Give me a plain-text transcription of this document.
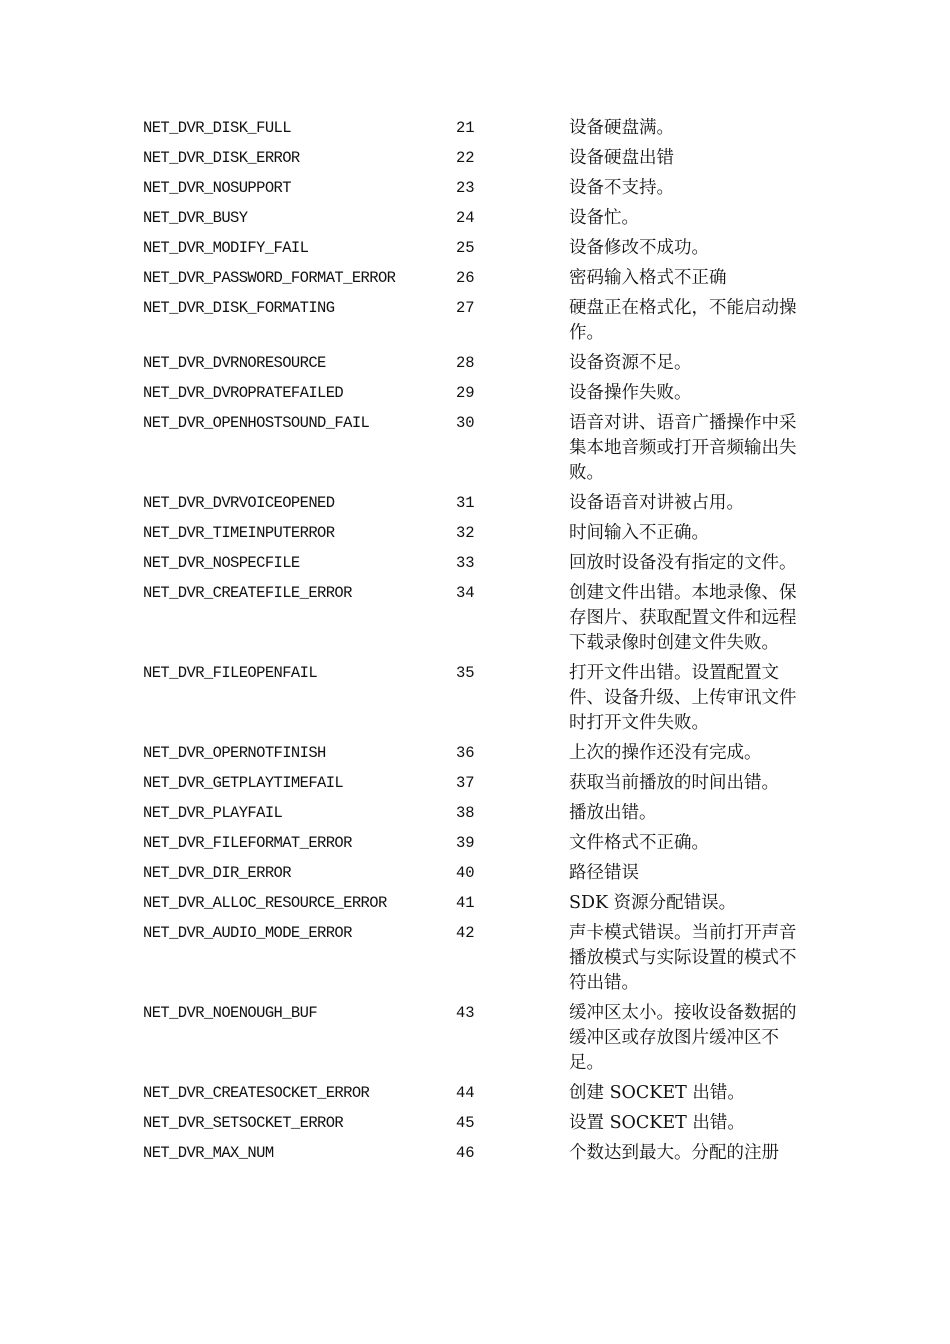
NET_DVR_DISK_FULL	21	设备硬盘满。
NET_DVR_DISK_ERROR	22	设备硬盘出错
NET_DVR_NOSUPPORT	23	设备不支持。
NET_DVR_BUSY	24	设备忙。
NET_DVR_MODIFY_FAIL	25	设备修改不成功。
NET_DVR_PASSWORD_FORMAT_ERROR	26	密码输入格式不正确
NET_DVR_DISK_FORMATING	27	硬盘正在格式化，不能启动操作。
NET_DVR_DVRNORESOURCE	28	设备资源不足。
NET_DVR_DVROPRATEFAILED	29	设备操作失败。
NET_DVR_OPENHOSTSOUND_FAIL	30	语音对讲、语音广播操作中采集本地音频或打开音频输出失败。
NET_DVR_DVRVOICEOPENED	31	设备语音对讲被占用。
NET_DVR_TIMEINPUTERROR	32	时间输入不正确。
NET_DVR_NOSPECFILE	33	回放时设备没有指定的文件。
NET_DVR_CREATEFILE_ERROR	34	创建文件出错。本地录像、保存图片、获取配置文件和远程下载录像时创建文件失败。
NET_DVR_FILEOPENFAIL	35	打开文件出错。设置配置文件、设备升级、上传审讯文件时打开文件失败。
NET_DVR_OPERNOTFINISH	36	上次的操作还没有完成。
NET_DVR_GETPLAYTIMEFAIL	37	获取当前播放的时间出错。
NET_DVR_PLAYFAIL	38	播放出错。
NET_DVR_FILEFORMAT_ERROR	39	文件格式不正确。
NET_DVR_DIR_ERROR	40	路径错误
NET_DVR_ALLOC_RESOURCE_ERROR	41	SDK 资源分配错误。
NET_DVR_AUDIO_MODE_ERROR	42	声卡模式错误。当前打开声音播放模式与实际设置的模式不符出错。
NET_DVR_NOENOUGH_BUF	43	缓冲区太小。接收设备数据的缓冲区或存放图片缓冲区不足。
NET_DVR_CREATESOCKET_ERROR	44	创建 SOCKET 出错。
NET_DVR_SETSOCKET_ERROR	45	设置 SOCKET 出错。
NET_DVR_MAX_NUM	46	个数达到最大。分配的注册
